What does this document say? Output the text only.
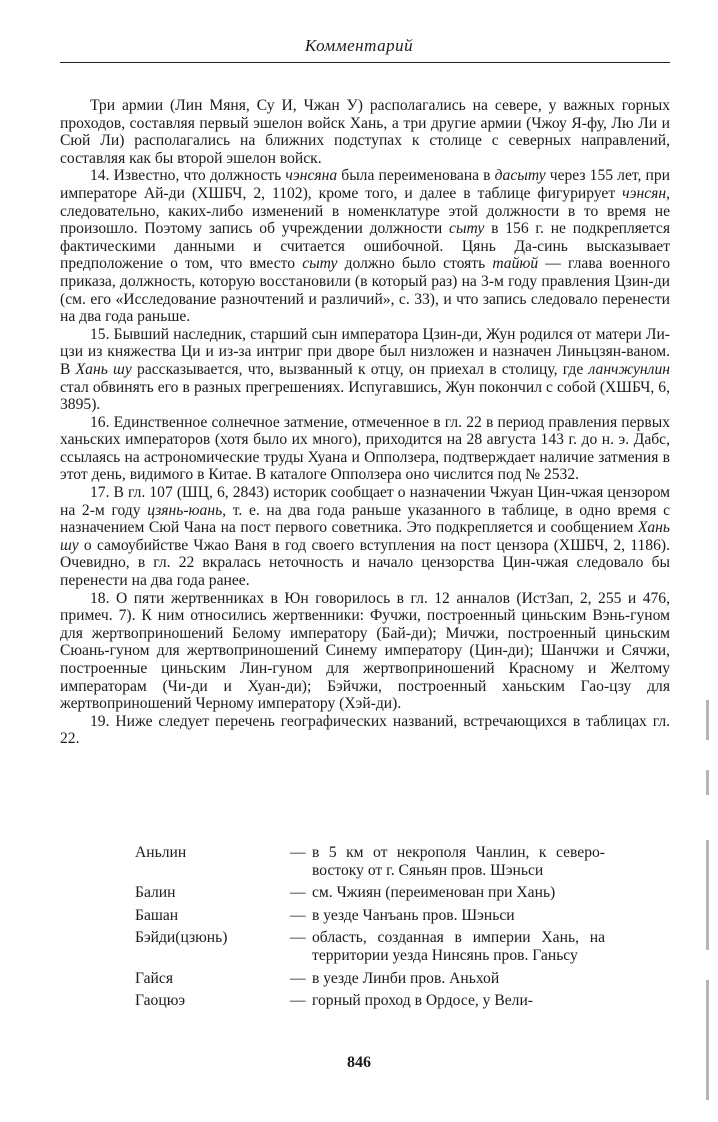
Комментарий

Три армии (Лин Мяня, Су И, Чжан У) располагались на севере, у важных горных проходов, составляя первый эшелон войск Хань, а три другие армии (Чжоу Я-фу, Лю Ли и Сюй Ли) располагались на ближних подступах к столице с северных направлений, составляя как бы второй эшелон войск.

14. Известно, что должность чэнсяна была переименована в дасыту через 155 лет, при императоре Ай-ди (ХШБЧ, 2, 1102), кроме того, и далее в таблице фигурирует чэнсян, следовательно, каких-либо изменений в номенклатуре этой должности в то время не произошло. Поэтому запись об учреждении должности сыту в 156 г. не подкрепляется фактическими данными и считается ошибочной. Цянь Да-синь высказывает предположение о том, что вместо сыту должно было стоять тайюй — глава военного приказа, должность, которую восстановили (в который раз) на 3-м году правления Цзин-ди (см. его «Исследование разночтений и различий», с. 33), и что запись следовало перенести на два года раньше.

15. Бывший наследник, старший сын императора Цзин-ди, Жун родился от матери Ли-цзи из княжества Ци и из-за интриг при дворе был низложен и назначен Линьцзян-ваном. В Хань шу рассказывается, что, вызванный к отцу, он приехал в столицу, где ланчжунлин стал обвинять его в разных прегрешениях. Испугавшись, Жун покончил с собой (ХШБЧ, 6, 3895).

16. Единственное солнечное затмение, отмеченное в гл. 22 в период правления первых ханьских императоров (хотя было их много), приходится на 28 августа 143 г. до н. э. Дабс, ссылаясь на астрономические труды Хуана и Опползера, подтверждает наличие затмения в этот день, видимого в Китае. В каталоге Опползера оно числится под № 2532.

17. В гл. 107 (ШЦ, 6, 2843) историк сообщает о назначении Чжуан Цин-чжая цензором на 2-м году цзянь-юань, т. е. на два года раньше указанного в таблице, в одно время с назначением Сюй Чана на пост первого советника. Это подкрепляется и сообщением Хань шу о самоубийстве Чжао Ваня в год своего вступления на пост цензора (ХШБЧ, 2, 1186). Очевидно, в гл. 22 вкралась неточность и начало цензорства Цин-чжая следовало бы перенести на два года ранее.

18. О пяти жертвенниках в Юн говорилось в гл. 12 анналов (ИстЗап, 2, 255 и 476, примеч. 7). К ним относились жертвенники: Фучжи, построенный циньским Вэнь-гуном для жертвоприношений Белому императору (Бай-ди); Мичжи, построенный циньским Сюань-гуном для жертвоприношений Синему императору (Цин-ди); Шанчжи и Сячжи, построенные циньским Лин-гуном для жертвоприношений Красному и Желтому императорам (Чи-ди и Хуан-ди); Бэйчжи, построенный ханьским Гао-цзу для жертвоприношений Черному императору (Хэй-ди).

19. Ниже следует перечень географических названий, встречающихся в таблицах гл. 22.

Аньлин	— в 5 км от некрополя Чанлин, к северо-востоку от г. Сяньян пров. Шэньси
Балин	— см. Чжиян (переименован при Хань)
Башан	— в уезде Чанъань пров. Шэньси
Бэйди(цзюнь)	— область, созданная в империи Хань, на территории уезда Нинсянь пров. Ганьсу
Гайся	— в уезде Линби пров. Аньхой
Гаоцюэ	— горный проход в Ордосе, у Вели-
846
